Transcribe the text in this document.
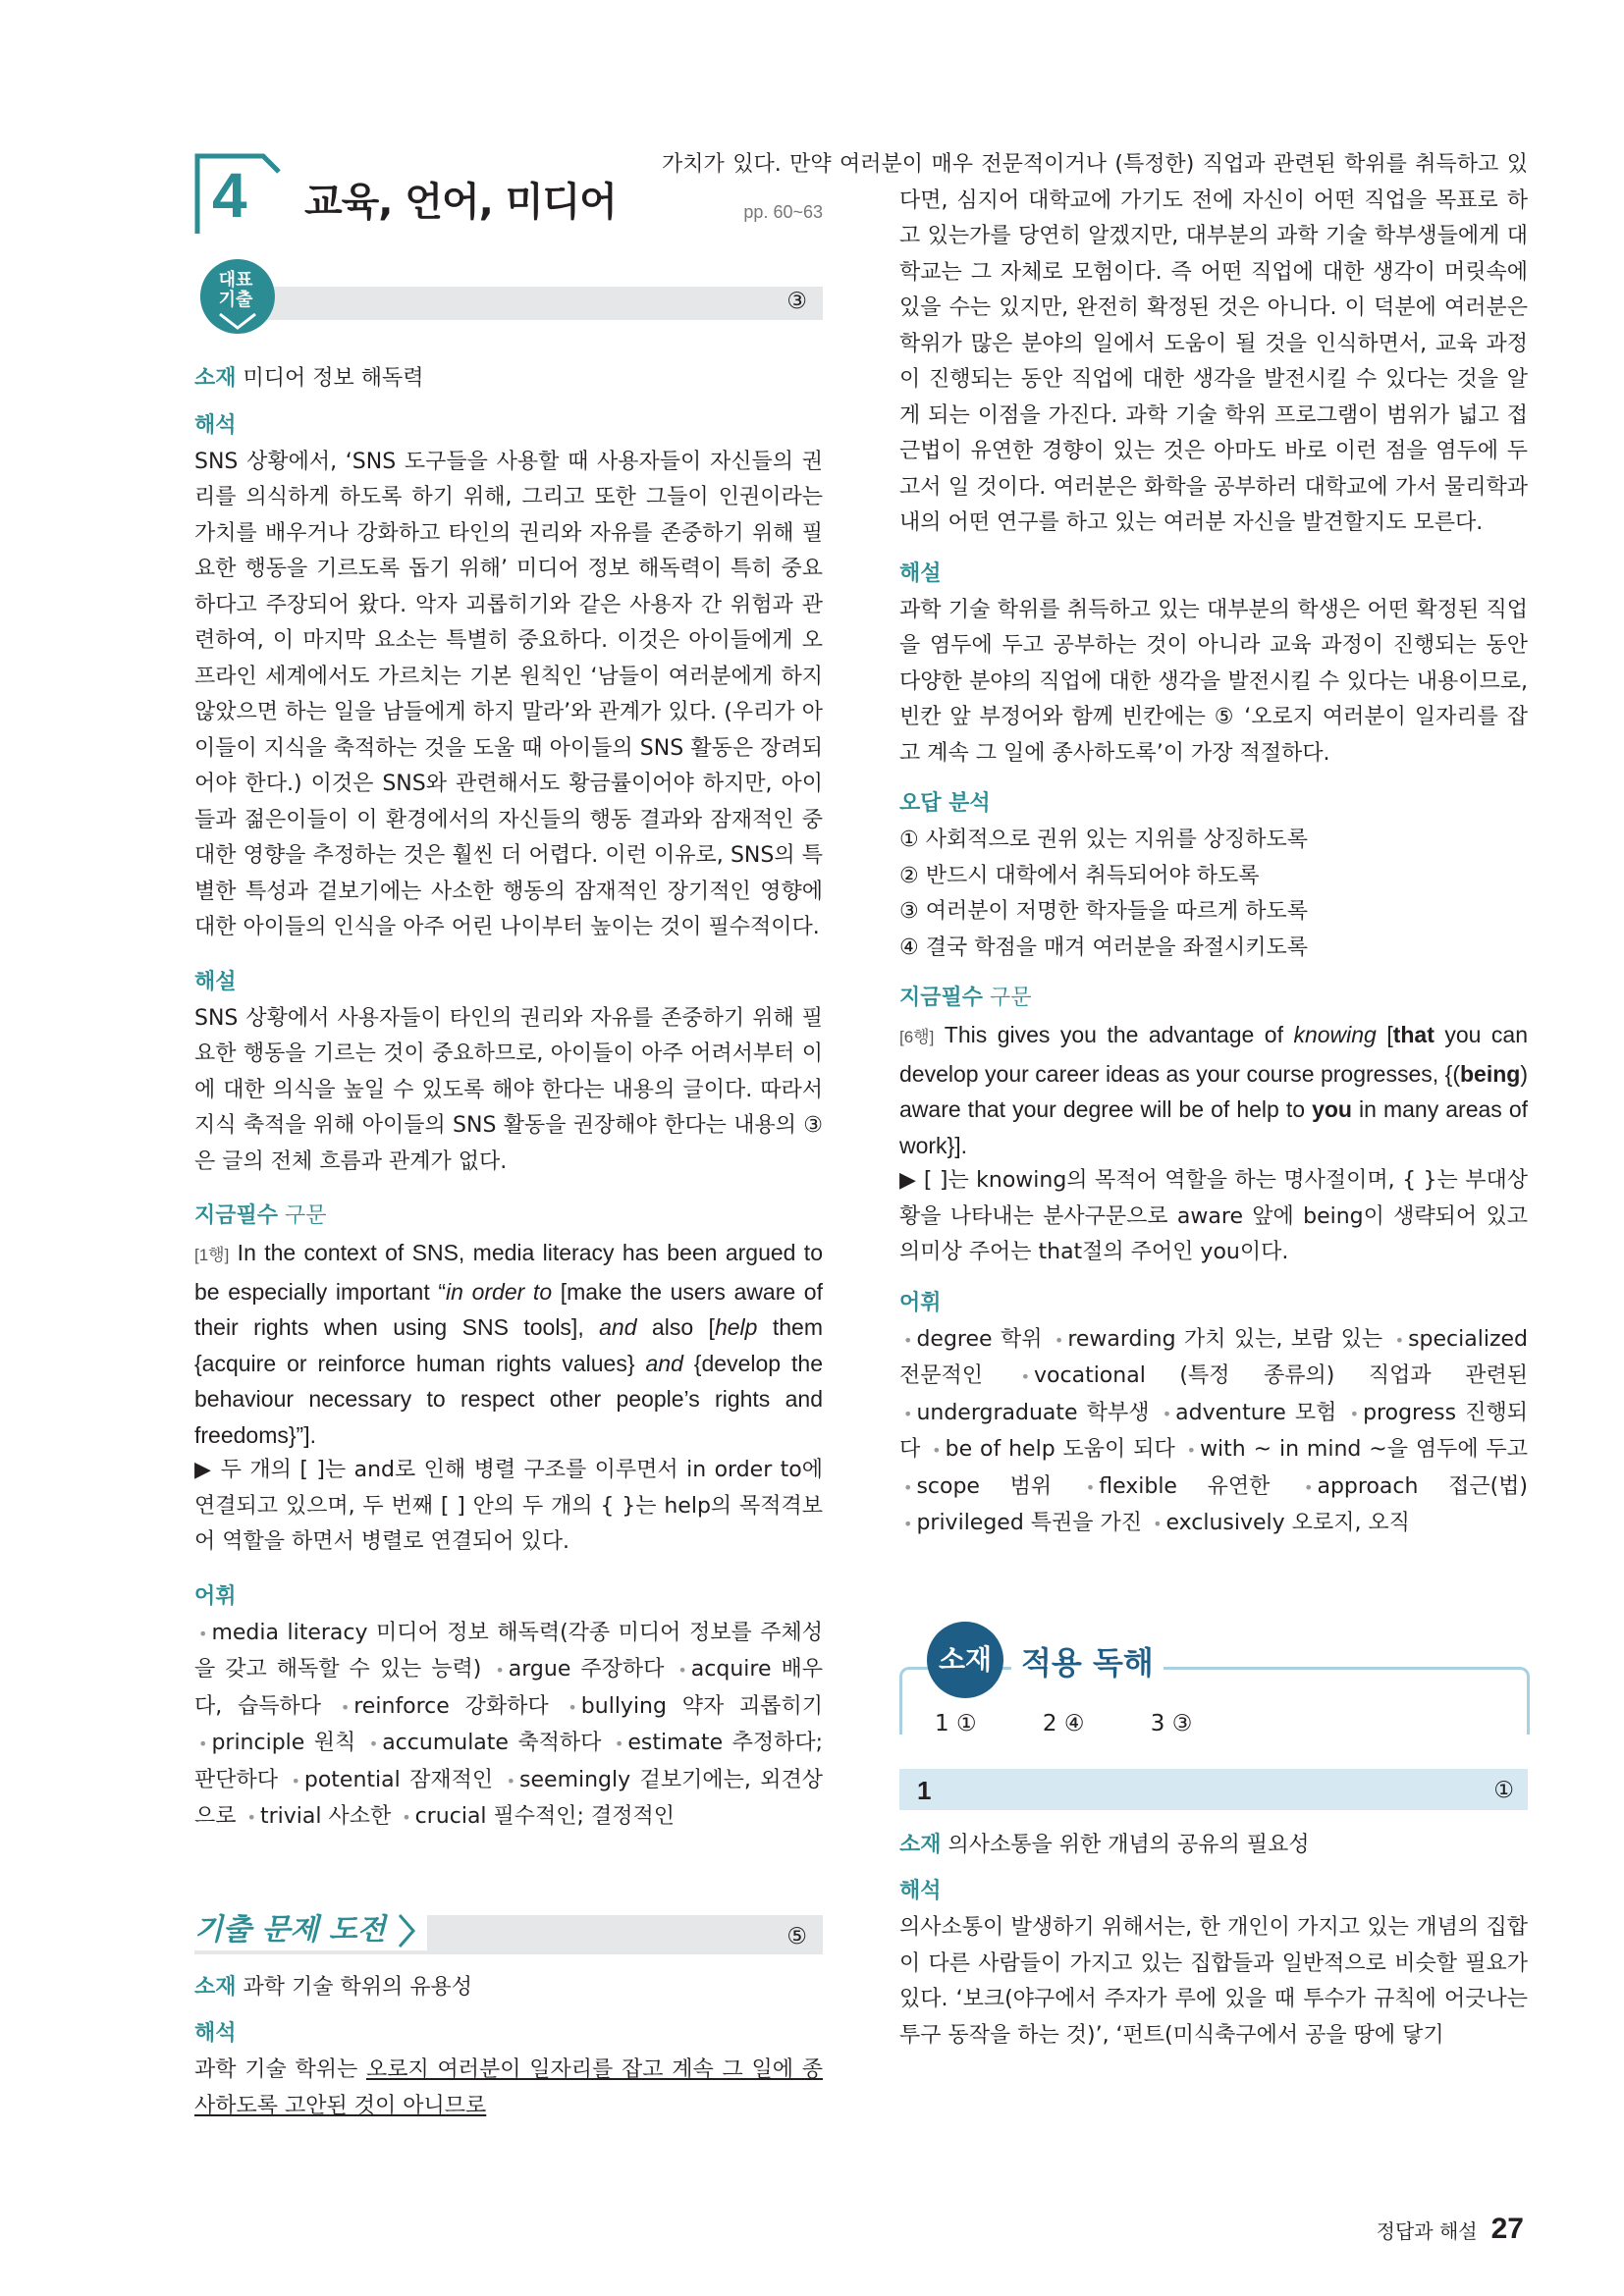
4 교육, 언어, 미디어	pp. 60~63
③
대표
기출

소재 미디어 정보 해독력

해석

SNS 상황에서, ‘SNS 도구들을 사용할 때 사용자들이 자신들의 권리를 의식하게 하도록 하기 위해, 그리고 또한 그들이 인권이라는 가치를 배우거나 강화하고 타인의 권리와 자유를 존중하기 위해 필요한 행동을 기르도록 돕기 위해’ 미디어 정보 해독력이 특히 중요하다고 주장되어 왔다. 악자 괴롭히기와 같은 사용자 간 위험과 관련하여, 이 마지막 요소는 특별히 중요하다. 이것은 아이들에게 오프라인 세계에서도 가르치는 기본 원칙인 ‘남들이 여러분에게 하지 않았으면 하는 일을 남들에게 하지 말라’와 관계가 있다. (우리가 아이들이 지식을 축적하는 것을 도울 때 아이들의 SNS 활동은 장려되어야 한다.) 이것은 SNS와 관련해서도 황금률이어야 하지만, 아이들과 젊은이들이 이 환경에서의 자신들의 행동 결과와 잠재적인 중대한 영향을 추정하는 것은 훨씬 더 어렵다. 이런 이유로, SNS의 특별한 특성과 겉보기에는 사소한 행동의 잠재적인 장기적인 영향에 대한 아이들의 인식을 아주 어린 나이부터 높이는 것이 필수적이다.

해설

SNS 상황에서 사용자들이 타인의 권리와 자유를 존중하기 위해 필요한 행동을 기르는 것이 중요하므로, 아이들이 아주 어려서부터 이에 대한 의식을 높일 수 있도록 해야 한다는 내용의 글이다. 따라서 지식 축적을 위해 아이들의 SNS 활동을 권장해야 한다는 내용의 ③은 글의 전체 흐름과 관계가 없다.

지금필수 구문

[1행] In the context of SNS, media literacy has been argued to be especially important “in order to [make the users aware of their rights when using SNS tools], and also [help them {acquire or reinforce human rights values} and {develop the behaviour necessary to respect other people’s rights and freedoms}”].

▶ 두 개의 [ ]는 and로 인해 병렬 구조를 이루면서 in order to에 연결되고 있으며, 두 번째 [ ] 안의 두 개의 { }는 help의 목적격보어 역할을 하면서 병렬로 연결되어 있다.

어휘

• media literacy 미디어 정보 해독력(각종 미디어 정보를 주체성을 갖고 해독할 수 있는 능력) • argue 주장하다 • acquire 배우다, 습득하다 • reinforce 강화하다 • bullying 약자 괴롭히기 • principle 원칙 • accumulate 축적하다 • estimate 추정하다; 판단하다 • potential 잠재적인 • seemingly 겉보기에는, 외견상으로 • trivial 사소한 • crucial 필수적인; 결정적인

기출 문제 도전	⑤

소재 과학 기술 학위의 유용성

해석

과학 기술 학위는 오로지 여러분이 일자리를 잡고 계속 그 일에 종사하도록 고안된 것이 아니므로

가치가 있다. 만약 여러분이 매우 전문적이거나 (특정한) 직업과 관련된 학위를 취득하고 있다면, 심지어 대학교에 가기도 전에 자신이 어떤 직업을 목표로 하고 있는가를 당연히 알겠지만, 대부분의 과학 기술 학부생들에게 대학교는 그 자체로 모험이다. 즉 어떤 직업에 대한 생각이 머릿속에 있을 수는 있지만, 완전히 확정된 것은 아니다. 이 덕분에 여러분은 학위가 많은 분야의 일에서 도움이 될 것을 인식하면서, 교육 과정이 진행되는 동안 직업에 대한 생각을 발전시킬 수 있다는 것을 알게 되는 이점을 가진다. 과학 기술 학위 프로그램이 범위가 넓고 접근법이 유연한 경향이 있는 것은 아마도 바로 이런 점을 염두에 두고서 일 것이다. 여러분은 화학을 공부하러 대학교에 가서 물리학과 내의 어떤 연구를 하고 있는 여러분 자신을 발견할지도 모른다.

해설

과학 기술 학위를 취득하고 있는 대부분의 학생은 어떤 확정된 직업을 염두에 두고 공부하는 것이 아니라 교육 과정이 진행되는 동안 다양한 분야의 직업에 대한 생각을 발전시킬 수 있다는 내용이므로, 빈칸 앞 부정어와 함께 빈칸에는 ⑤ ‘오로지 여러분이 일자리를 잡고 계속 그 일에 종사하도록’이 가장 적절하다.

오답 분석
① 사회적으로 권위 있는 지위를 상징하도록
② 반드시 대학에서 취득되어야 하도록
③ 여러분이 저명한 학자들을 따르게 하도록
④ 결국 학점을 매겨 여러분을 좌절시키도록
지금필수 구문

[6행] This gives you the advantage of knowing [that you can develop your career ideas as your course progresses, {(being) aware that your degree will be of help to you in many areas of work}].

▶ [ ]는 knowing의 목적어 역할을 하는 명사절이며, { }는 부대상황을 나타내는 분사구문으로 aware 앞에 being이 생략되어 있고 의미상 주어는 that절의 주어인 you이다.

어휘

• degree 학위 • rewarding 가치 있는, 보람 있는 • specialized 전문적인 • vocational (특정 종류의) 직업과 관련된 • undergraduate 학부생 • adventure 모험 • progress 진행되다 • be of help 도움이 되다 • with ~ in mind ~을 염두에 두고 • scope 범위 • flexible 유연한 • approach 접근(법) • privileged 특권을 가진 • exclusively 오로지, 오직

적용 독해
소재
1 ①	2 ④	3 ③
1	①

소재 의사소통을 위한 개념의 공유의 필요성

해석

의사소통이 발생하기 위해서는, 한 개인이 가지고 있는 개념의 집합이 다른 사람들이 가지고 있는 집합들과 일반적으로 비슷할 필요가 있다. ‘보크(야구에서 주자가 루에 있을 때 투수가 규칙에 어긋나는 투구 동작을 하는 것)’, ‘펀트(미식축구에서 공을 땅에 닿기

정답과 해설 27
